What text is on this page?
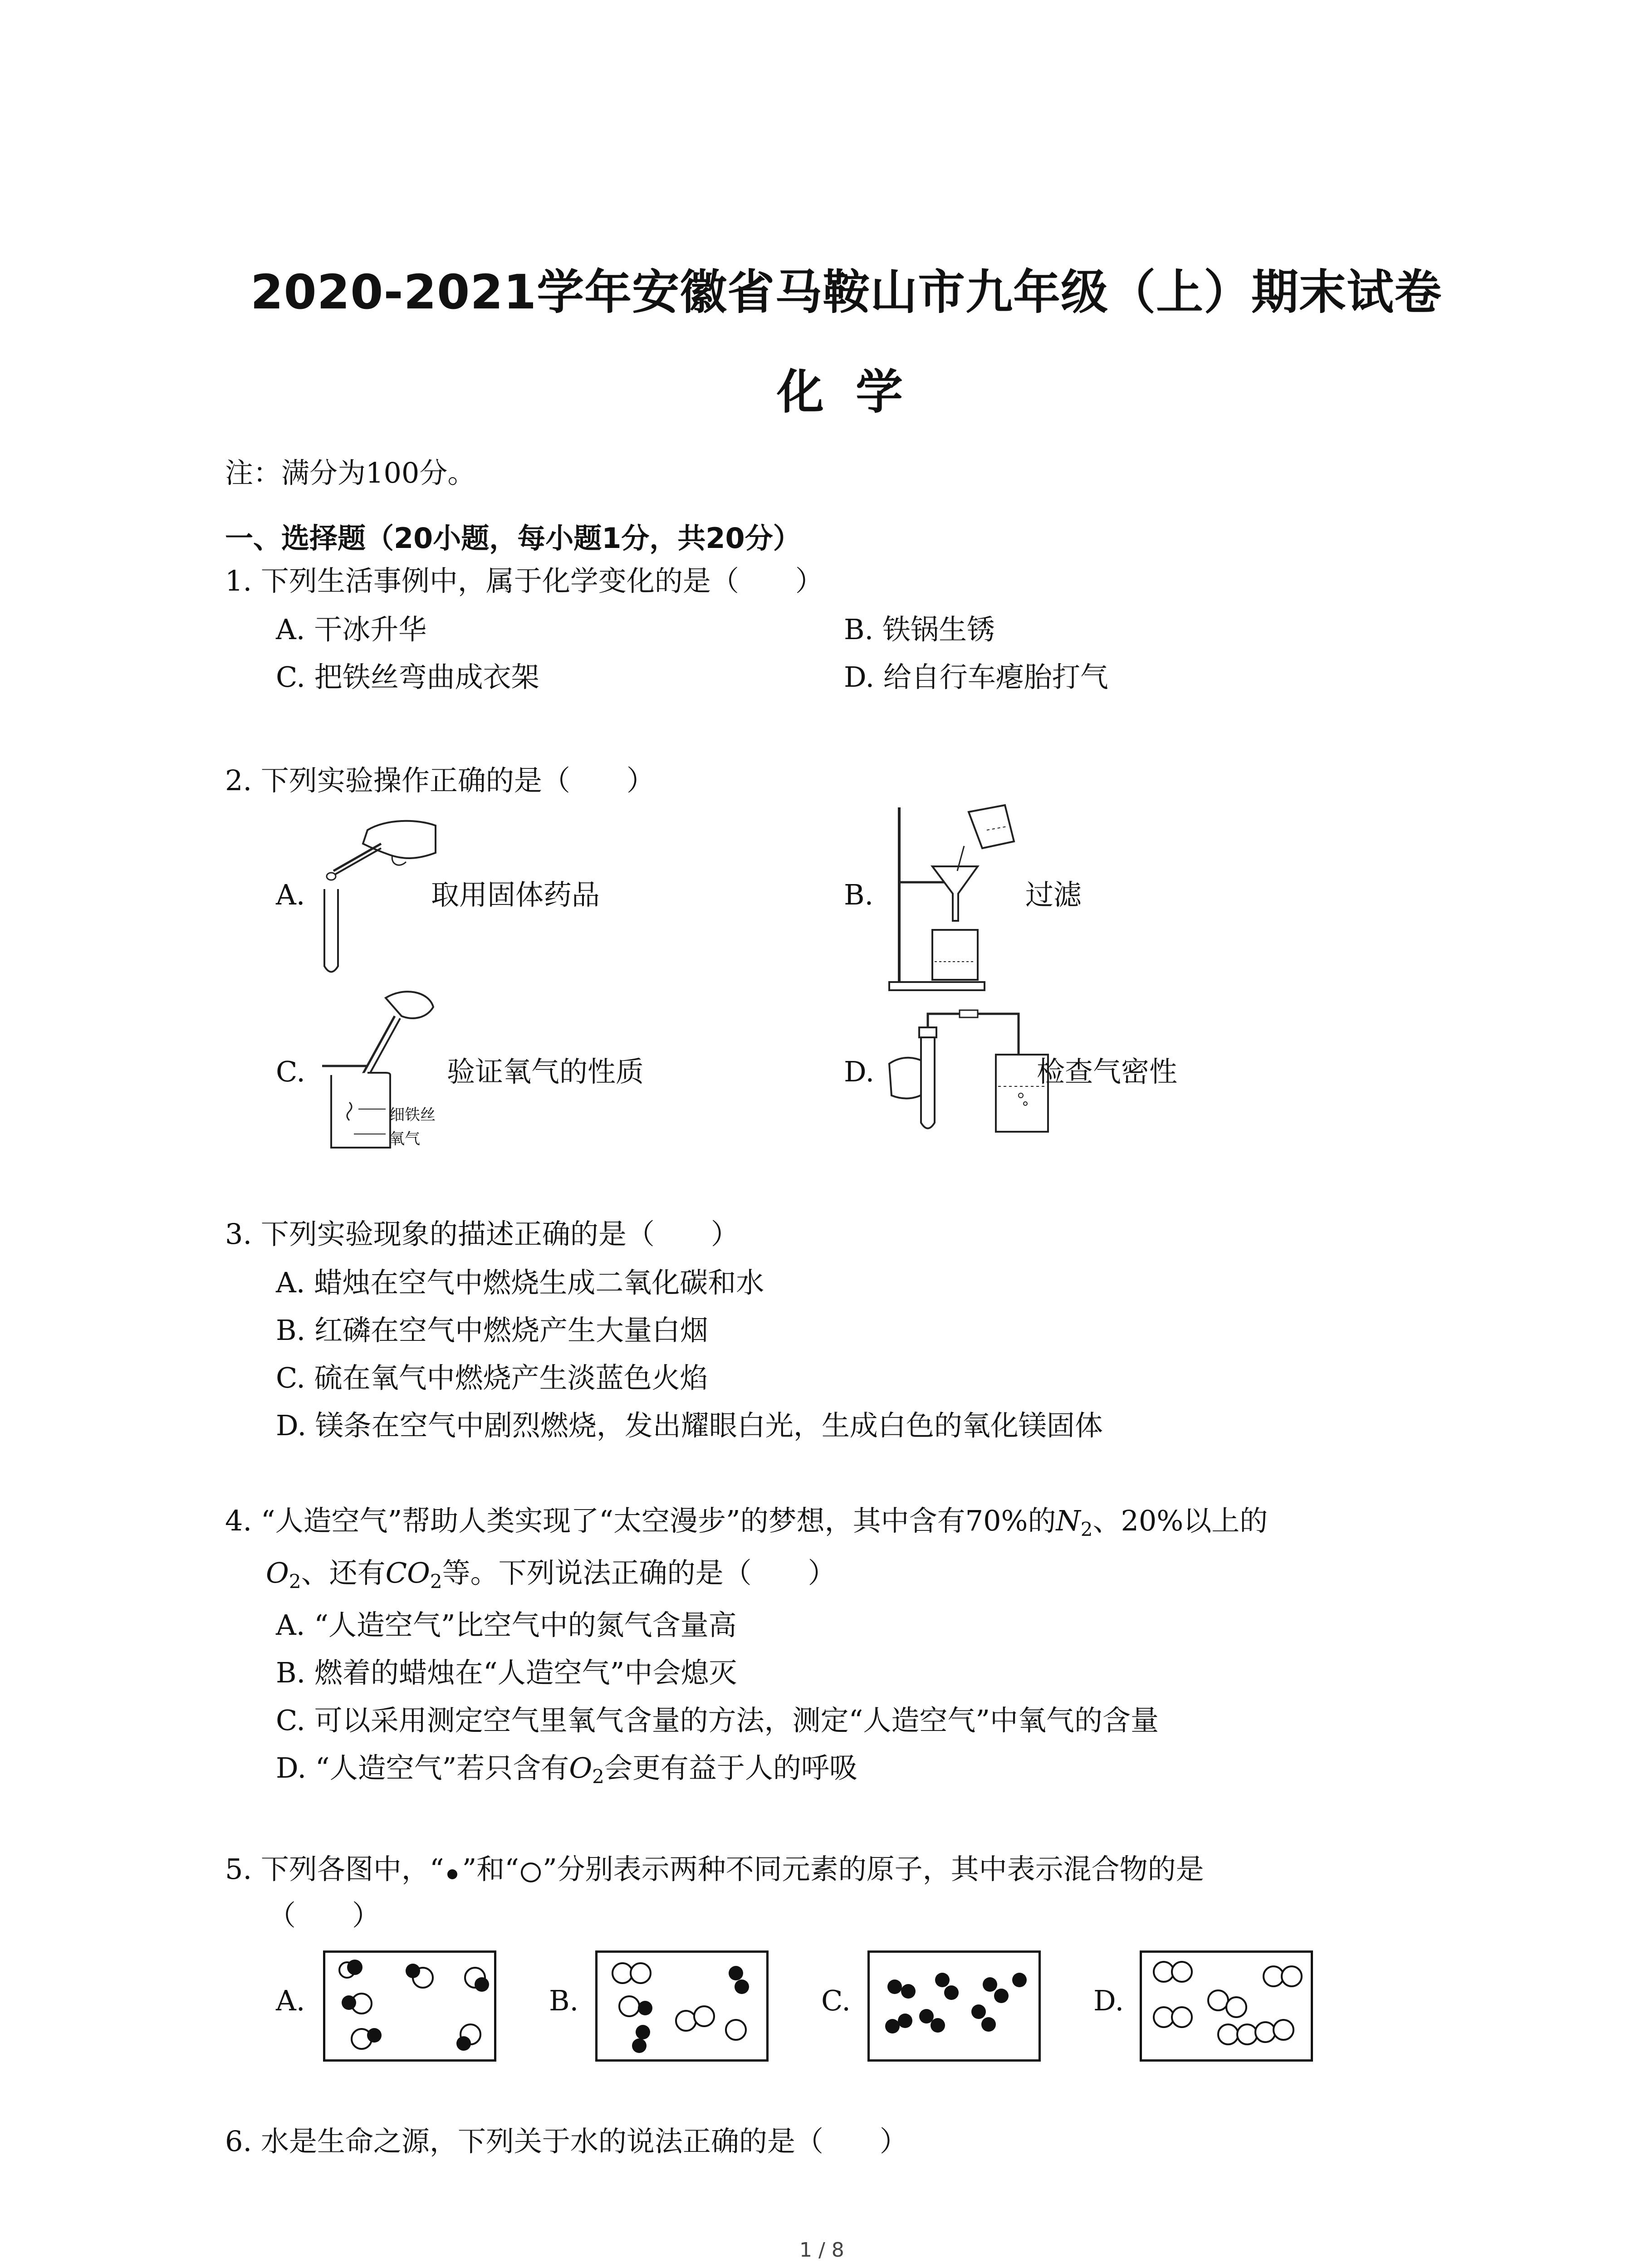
2020-2021学年安徽省马鞍山市九年级（上）期末试卷
化学
注：满分为100分。
一、选择题（20小题，每小题1分，共20分）
1. 下列生活事例中，属于化学变化的是（　　）
A. 干冰升华	B. 铁锅生锈
C. 把铁丝弯曲成衣架	D. 给自行车瘪胎打气
2. 下列实验操作正确的是（　　）
A.	取用固体药品	B.	过滤
C.
细铁丝
氧气
验证氧气的性质	D.	检查气密性
3. 下列实验现象的描述正确的是（　　）
A. 蜡烛在空气中燃烧生成二氧化碳和水
B. 红磷在空气中燃烧产生大量白烟
C. 硫在氧气中燃烧产生淡蓝色火焰
D. 镁条在空气中剧烈燃烧，发出耀眼白光，生成白色的氧化镁固体
4. “人造空气”帮助人类实现了“太空漫步”的梦想，其中含有70%的$N_2$、20%以上的
$O_2$、还有$CO_2$等。下列说法正确的是（　　）
A. “人造空气”比空气中的氮气含量高
B. 燃着的蜡烛在“人造空气”中会熄灭
C. 可以采用测定空气里氧气含量的方法，测定“人造空气”中氧气的含量
D. “人造空气”若只含有$O_2$会更有益于人的呼吸
5. 下列各图中，“ ”和“ ”分别表示两种不同元素的原子，其中表示混合物的是
（　　）
A.	B.	C.	D.
6. 水是生命之源，下列关于水的说法正确的是（　　）
1 / 8
